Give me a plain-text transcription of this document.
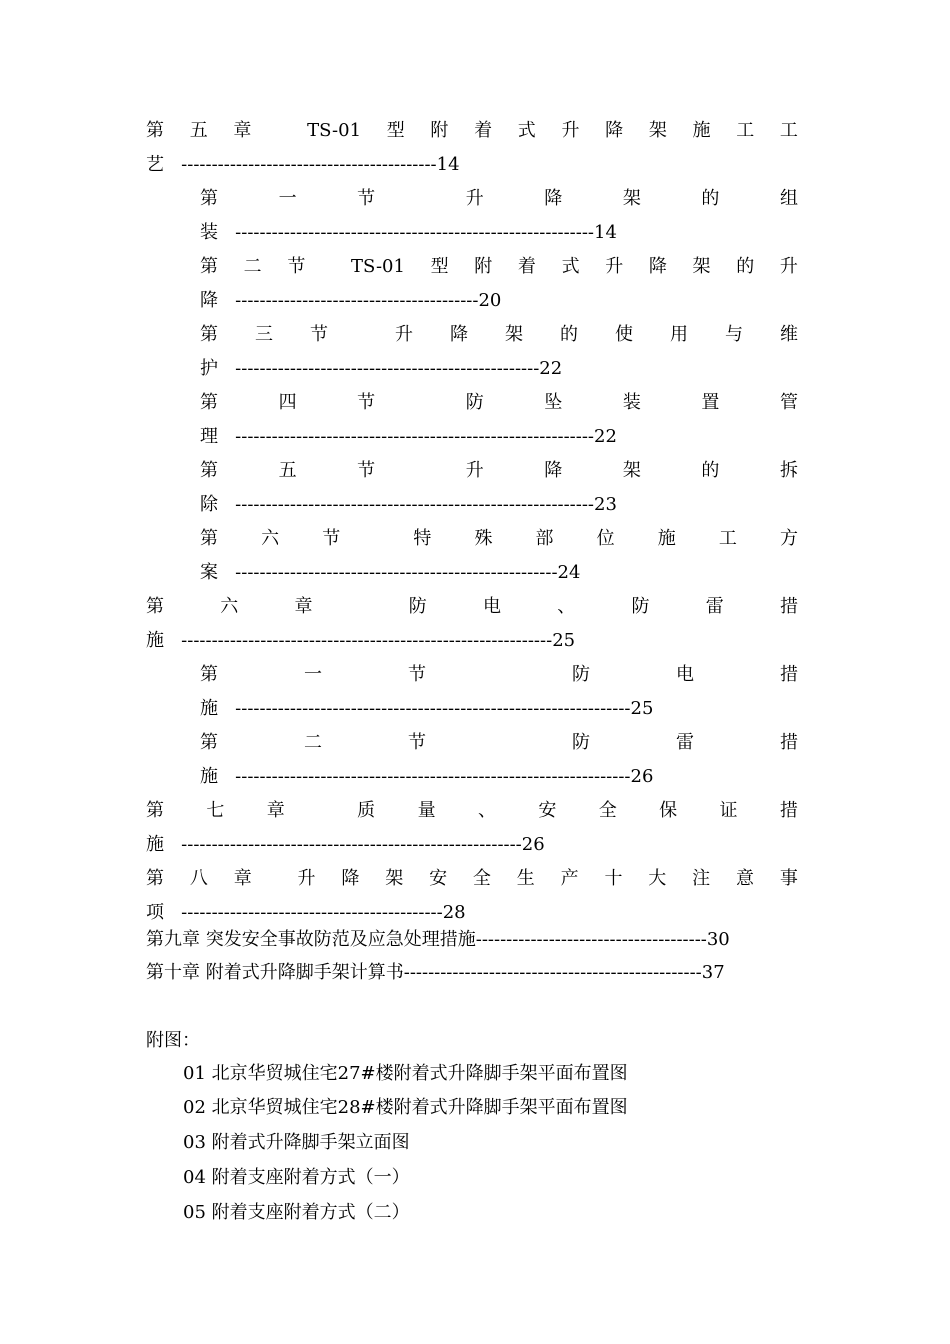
第 五 章	TS-01 型 附 着 式 升 降 架 施 工 工
艺   ------------------------------------------14
第	一	节	升	降	架	的	组
装   -----------------------------------------------------------14
第 二 节	TS-01 型 附 着 式 升 降 架 的 升
降   ----------------------------------------20
第 三 节	升 降 架 的 使 用 与 维
护   --------------------------------------------------22
第	四	节	防	坠	装	置	管
理   -----------------------------------------------------------22
第	五	节	升	降	架	的	拆
除   -----------------------------------------------------------23
第 六 节	特 殊 部 位 施 工 方
案   -----------------------------------------------------24
第	六	章	防	电	、	防	雷	措
施   -------------------------------------------------------------25
第	一	节	防	电	措
施   -----------------------------------------------------------------25
第	二	节	防	雷	措
施   -----------------------------------------------------------------26
第 七 章	质 量 、 安 全 保 证 措
施   --------------------------------------------------------26
第 八 章	升 降 架 安 全 生 产 十 大 注 意 事
项   -------------------------------------------28
第九章 突发安全事故防范及应急处理措施--------------------------------------30
第十章 附着式升降脚手架计算书-------------------------------------------------37
附图：
01 北京华贸城住宅27#楼附着式升降脚手架平面布置图
02 北京华贸城住宅28#楼附着式升降脚手架平面布置图
03 附着式升降脚手架立面图
04 附着支座附着方式（一）
05 附着支座附着方式（二）
